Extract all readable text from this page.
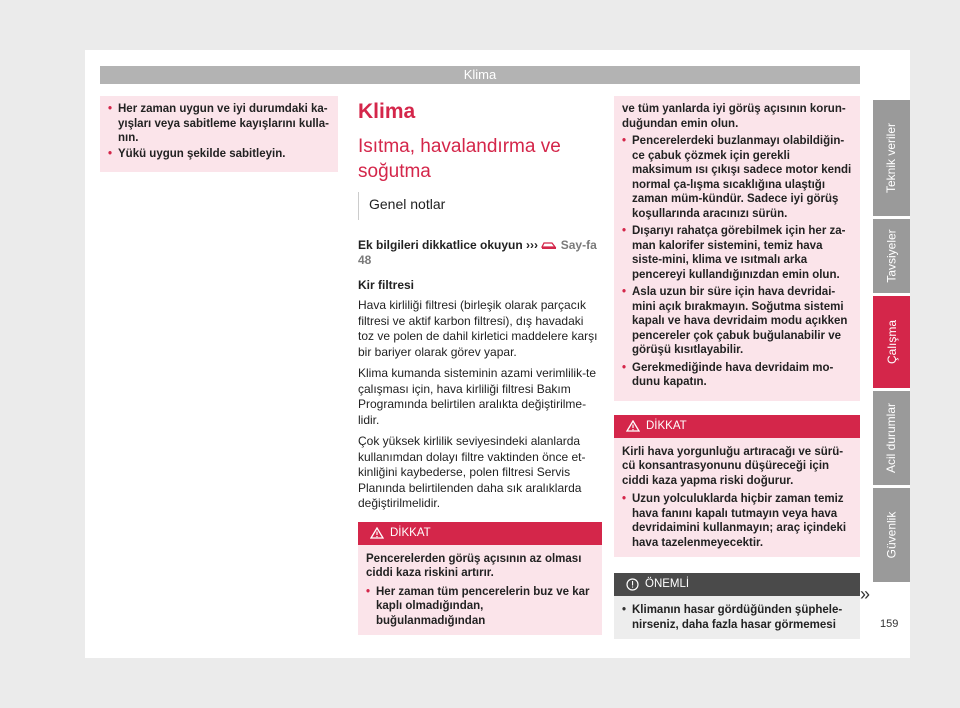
Klima
• Her zaman uygun ve iyi durumdaki ka-yışları veya sabitleme kayışlarını kulla-nın.
• Yükü uygun şekilde sabitleyin.
Klima
Isıtma, havalandırma ve soğutma
Genel notlar
Ek bilgileri dikkatlice okuyun ››› Say-fa 48
Kir filtresi
Hava kirliliği filtresi (birleşik olarak parçacık filtresi ve aktif karbon filtresi), dış havadaki toz ve polen de dahil kirletici maddelere karşı bir bariyer olarak görev yapar.
Klima kumanda sisteminin azami verimlilik-te çalışması için, hava kirliliği filtresi Bakım Programında belirtilen aralıkta değiştirilme-lidir.
Çok yüksek kirlilik seviyesindeki alanlarda kullanımdan dolayı filtre vaktinden önce et-kinliğini kaybederse, polen filtresi Servis Planında belirtilenden daha sık aralıklarda değiştirilmelidir.
DİKKAT
Pencerelerden görüş açısının az olması ciddi kaza riskini artırır.
• Her zaman tüm pencerelerin buz ve kar kaplı olmadığından, buğulanmadığından
ve tüm yanlarda iyi görüş açısının korun-duğundan emin olun.
• Pencerelerdeki buzlanmayı olabildiğin-ce çabuk çözmek için gerekli maksimum ısı çıkışı sadece motor kendi normal ça-lışma sıcaklığına ulaştığı zaman müm-kündür. Sadece iyi görüş koşullarında aracınızı sürün.
• Dışarıyı rahatça görebilmek için her za-man kalorifer sistemini, temiz hava siste-mini, klima ve ısıtmalı arka pencereyi kullandığınızdan emin olun.
• Asla uzun bir süre için hava devridai-mini açık bırakmayın. Soğutma sistemi kapalı ve hava devridaim modu açıkken pencereler çok çabuk buğulanabilir ve görüşü kısıtlayabilir.
• Gerekmediğinde hava devridaim mo-dunu kapatın.
DİKKAT
Kirli hava yorgunluğu artıracağı ve sürü-cü konsantrasyonunu düşüreceği için ciddi kaza yapma riski doğurur.
• Uzun yolculuklarda hiçbir zaman temiz hava fanını kapalı tutmayın veya hava devridaimini kullanmayın; araç içindeki hava tazelenmeyecektir.
ÖNEMLİ
• Klimanın hasar gördüğünden şüphele-nirseniz, daha fazla hasar görmemesi
»
Teknik veriler
Tavsiyeler
Çalışma
Acil durumlar
Güvenlik
159
